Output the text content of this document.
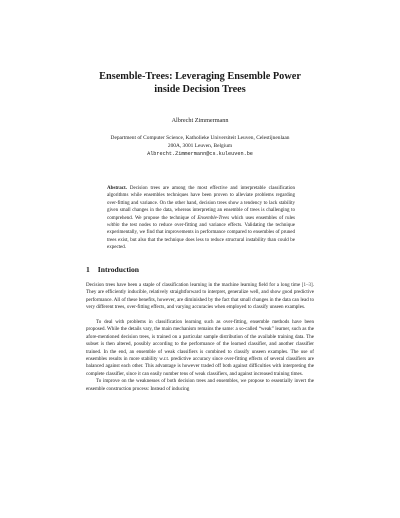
Ensemble-Trees: Leveraging Ensemble Power
inside Decision Trees
Albrecht Zimmermann
Department of Computer Science, Katholieke Universiteit Leuven, Celestijnenlaan
200A, 3001 Leuven, Belgium
Albrecht.Zimmermann@cs.kuleuven.be
Abstract. Decision trees are among the most effective and interpretable classification algorithms while ensembles techniques have been proven to alleviate problems regarding over-fitting and variance. On the other hand, decision trees show a tendency to lack stability given small changes in the data, whereas interpreting an ensemble of trees is challenging to comprehend. We propose the technique of Ensemble-Trees which uses ensembles of rules within the test nodes to reduce over-fitting and variance effects. Validating the technique experimentally, we find that improvements in performance compared to ensembles of pruned trees exist, but also that the technique does less to reduce structural instability than could be expected.
1 Introduction

Decision trees have been a staple of classification learning in the machine learning field for a long time [1–3]. They are efficiently inducible, relatively straightforward to interpret, generalize well, and show good predictive performance. All of these benefits, however, are diminished by the fact that small changes in the data can lead to very different trees, over-fitting effects, and varying accuracies when employed to classify unseen examples.

To deal with problems in classification learning such as over-fitting, ensemble methods have been proposed. While the details vary, the main mechanism remains the same: a so-called “weak” learner, such as the afore-mentioned decision trees, is trained on a particular sample distribution of the available training data. The subset is then altered, possibly according to the performance of the learned classifier, and another classifier trained. In the end, an ensemble of weak classifiers is combined to classify unseen examples. The use of ensembles results in more stability w.r.t. predictive accuracy since over-fitting effects of several classifiers are balanced against each other. This advantage is however traded off both against difficulties with interpreting the complete classifier, since it can easily number tens of weak classifiers, and against increased training times.

To improve on the weaknesses of both decision trees and ensembles, we propose to essentially invert the ensemble construction process: Instead of inducing
